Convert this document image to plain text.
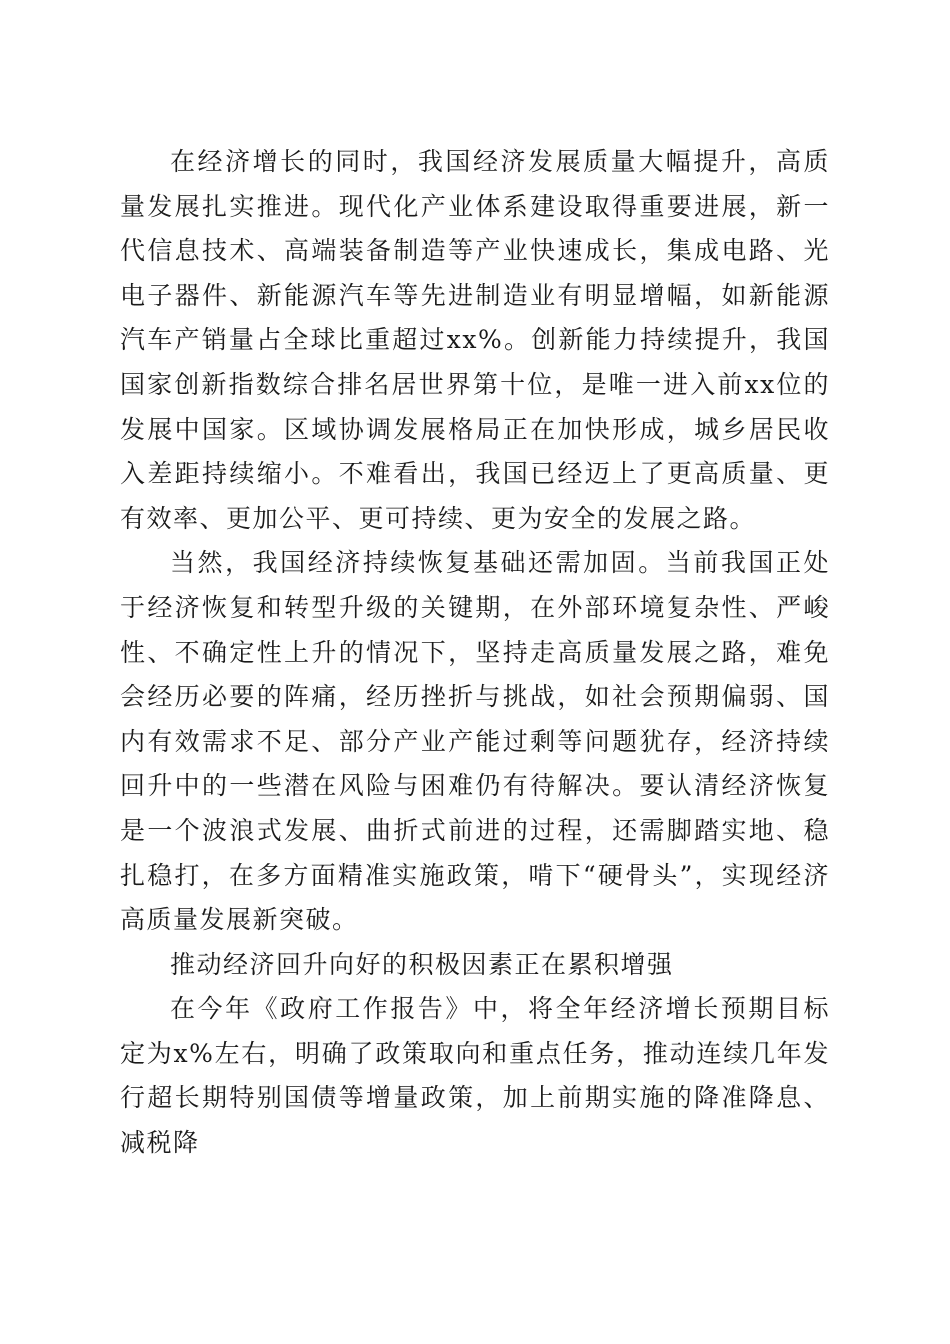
在经济增长的同时，我国经济发展质量大幅提升，高质量发展扎实推进。现代化产业体系建设取得重要进展，新一代信息技术、高端装备制造等产业快速成长，集成电路、光电子器件、新能源汽车等先进制造业有明显增幅，如新能源汽车产销量占全球比重超过xx%。创新能力持续提升，我国国家创新指数综合排名居世界第十位，是唯一进入前xx位的发展中国家。区域协调发展格局正在加快形成，城乡居民收入差距持续缩小。不难看出，我国已经迈上了更高质量、更有效率、更加公平、更可持续、更为安全的发展之路。

当然，我国经济持续恢复基础还需加固。当前我国正处于经济恢复和转型升级的关键期，在外部环境复杂性、严峻性、不确定性上升的情况下，坚持走高质量发展之路，难免会经历必要的阵痛，经历挫折与挑战，如社会预期偏弱、国内有效需求不足、部分产业产能过剩等问题犹存，经济持续回升中的一些潜在风险与困难仍有待解决。要认清经济恢复是一个波浪式发展、曲折式前进的过程，还需脚踏实地、稳扎稳打，在多方面精准实施政策，啃下“硬骨头”，实现经济高质量发展新突破。

推动经济回升向好的积极因素正在累积增强

在今年《政府工作报告》中，将全年经济增长预期目标定为x%左右，明确了政策取向和重点任务，推动连续几年发行超长期特别国债等增量政策，加上前期实施的降准降息、减税降
